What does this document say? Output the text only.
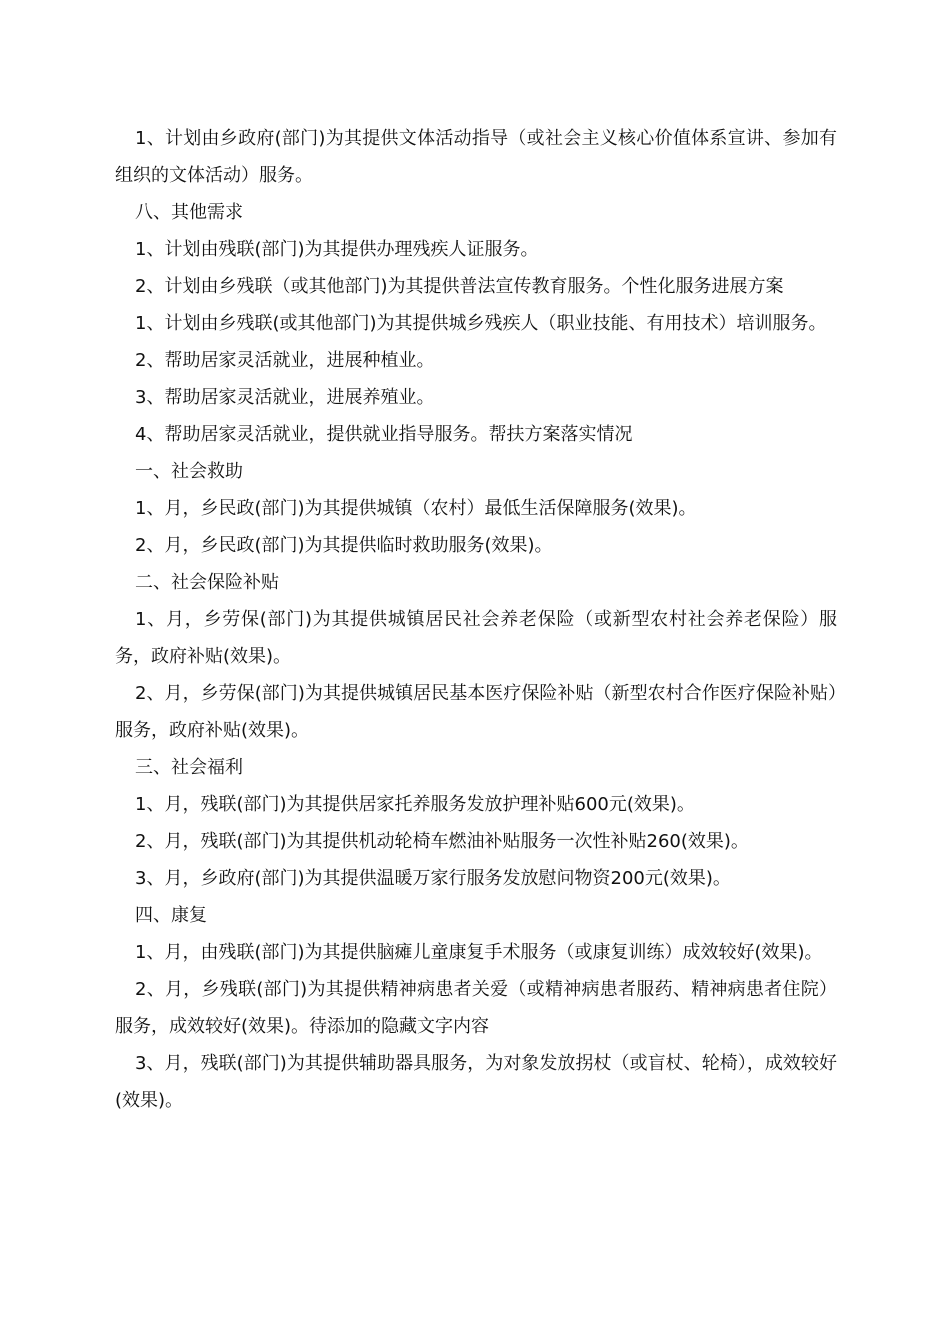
1、计划由乡政府(部门)为其提供文体活动指导（或社会主义核心价值体系宣讲、参加有组织的文体活动）服务。

八、其他需求

1、计划由残联(部门)为其提供办理残疾人证服务。

2、计划由乡残联（或其他部门)为其提供普法宣传教育服务。个性化服务进展方案

1、计划由乡残联(或其他部门)为其提供城乡残疾人（职业技能、有用技术）培训服务。

2、帮助居家灵活就业，进展种植业。

3、帮助居家灵活就业，进展养殖业。

4、帮助居家灵活就业，提供就业指导服务。帮扶方案落实情况

一、社会救助

1、月，乡民政(部门)为其提供城镇（农村）最低生活保障服务(效果)。

2、月，乡民政(部门)为其提供临时救助服务(效果)。

二、社会保险补贴

1、月，乡劳保(部门)为其提供城镇居民社会养老保险（或新型农村社会养老保险）服务，政府补贴(效果)。

2、月，乡劳保(部门)为其提供城镇居民基本医疗保险补贴（新型农村合作医疗保险补贴）服务，政府补贴(效果)。

三、社会福利

1、月，残联(部门)为其提供居家托养服务发放护理补贴600元(效果)。

2、月，残联(部门)为其提供机动轮椅车燃油补贴服务一次性补贴260(效果)。

3、月，乡政府(部门)为其提供温暖万家行服务发放慰问物资200元(效果)。

四、康复

1、月，由残联(部门)为其提供脑瘫儿童康复手术服务（或康复训练）成效较好(效果)。

2、月，乡残联(部门)为其提供精神病患者关爱（或精神病患者服药、精神病患者住院）服务，成效较好(效果)。待添加的隐藏文字内容

3、月，残联(部门)为其提供辅助器具服务，为对象发放拐杖（或盲杖、轮椅），成效较好(效果)。
